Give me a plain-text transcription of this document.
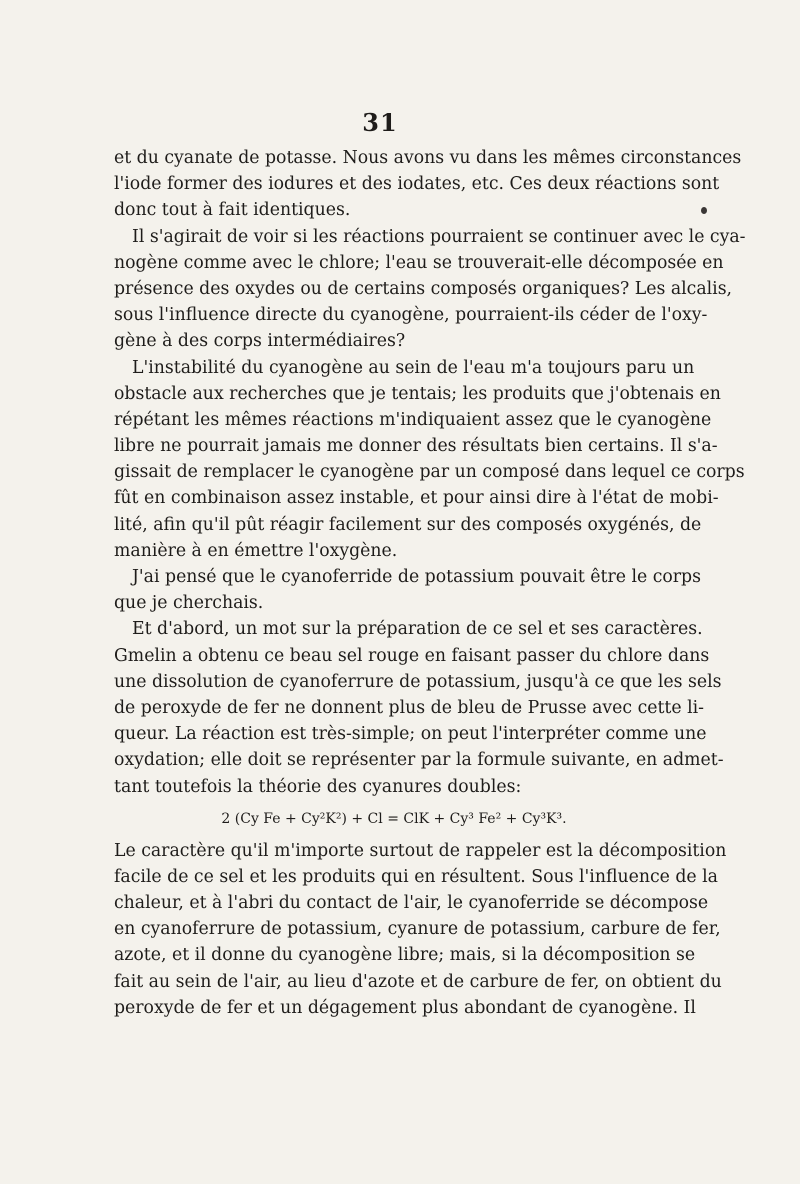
31
et du cyanate de potasse. Nous avons vu dans les mêmes circonstances
l'iode former des iodures et des iodates, etc. Ces deux réactions sont
donc tout à fait identiques.
Il s'agirait de voir si les réactions pourraient se continuer avec le cya-
nogène comme avec le chlore; l'eau se trouverait-elle décomposée en
présence des oxydes ou de certains composés organiques? Les alcalis,
sous l'influence directe du cyanogène, pourraient-ils céder de l'oxy-
gène à des corps intermédiaires?
L'instabilité du cyanogène au sein de l'eau m'a toujours paru un
obstacle aux recherches que je tentais; les produits que j'obtenais en
répétant les mêmes réactions m'indiquaient assez que le cyanogène
libre ne pourrait jamais me donner des résultats bien certains. Il s'a-
gissait de remplacer le cyanogène par un composé dans lequel ce corps
fût en combinaison assez instable, et pour ainsi dire à l'état de mobi-
lité, afin qu'il pût réagir facilement sur des composés oxygénés, de
manière à en émettre l'oxygène.
J'ai pensé que le cyanoferride de potassium pouvait être le corps
que je cherchais.
Et d'abord, un mot sur la préparation de ce sel et ses caractères.
Gmelin a obtenu ce beau sel rouge en faisant passer du chlore dans
une dissolution de cyanoferrure de potassium, jusqu'à ce que les sels
de peroxyde de fer ne donnent plus de bleu de Prusse avec cette li-
queur. La réaction est très-simple; on peut l'interpréter comme une
oxydation; elle doit se représenter par la formule suivante, en admet-
tant toutefois la théorie des cyanures doubles:
2 (Cy Fe + Cy²K²) + Cl = ClK + Cy³ Fe² + Cy³K³.
Le caractère qu'il m'importe surtout de rappeler est la décomposition
facile de ce sel et les produits qui en résultent. Sous l'influence de la
chaleur, et à l'abri du contact de l'air, le cyanoferride se décompose
en cyanoferrure de potassium, cyanure de potassium, carbure de fer,
azote, et il donne du cyanogène libre; mais, si la décomposition se
fait au sein de l'air, au lieu d'azote et de carbure de fer, on obtient du
peroxyde de fer et un dégagement plus abondant de cyanogène. Il
